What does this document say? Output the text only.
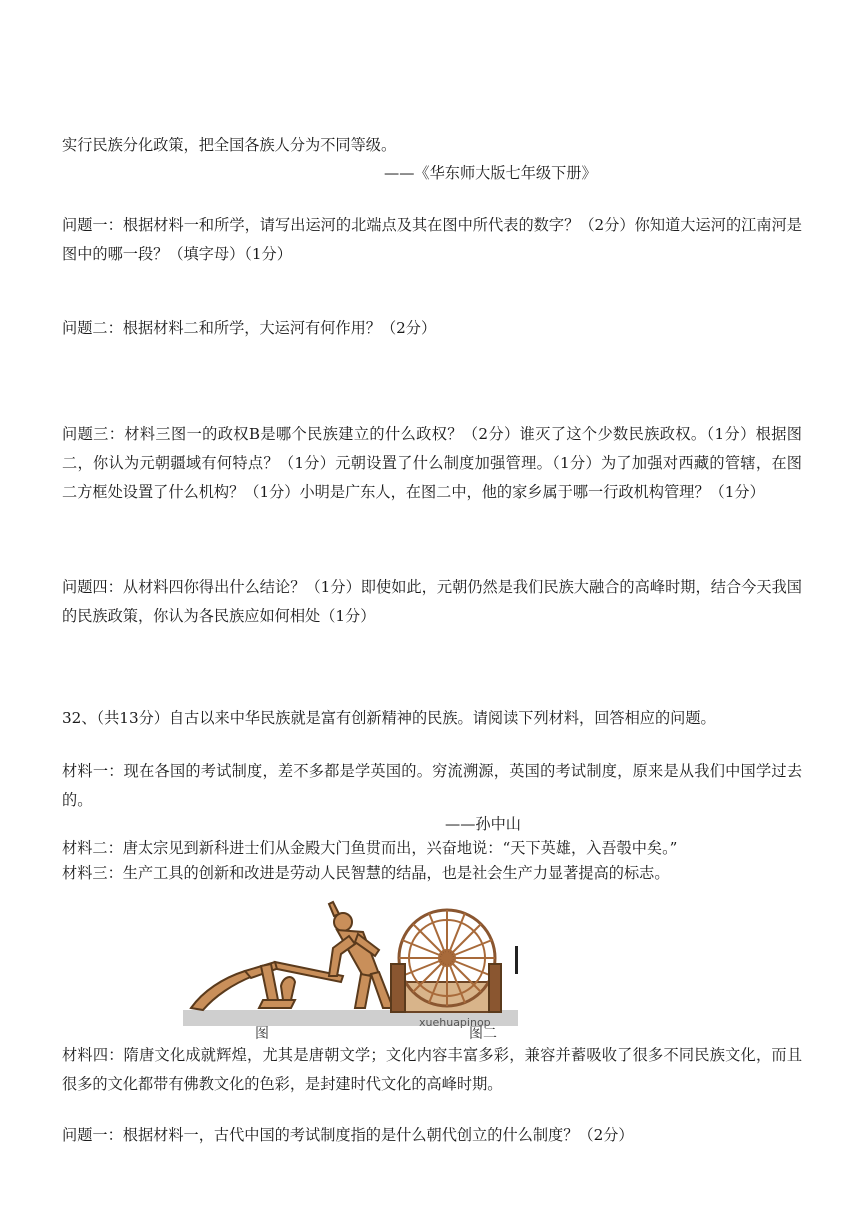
实行民族分化政策，把全国各族人分为不同等级。

——《华东师大版七年级下册》

问题一：根据材料一和所学，请写出运河的北端点及其在图中所代表的数字？（2分）你知道大运河的江南河是图中的哪一段？（填字母）（1分）

问题二：根据材料二和所学，大运河有何作用？（2分）

问题三：材料三图一的政权B是哪个民族建立的什么政权？（2分）谁灭了这个少数民族政权。（1分）根据图二，你认为元朝疆域有何特点？（1分）元朝设置了什么制度加强管理。（1分）为了加强对西藏的管辖，在图二方框处设置了什么机构？（1分）小明是广东人，在图二中，他的家乡属于哪一行政机构管理？（1分）

问题四：从材料四你得出什么结论？（1分）即使如此，元朝仍然是我们民族大融合的高峰时期，结合今天我国的民族政策，你认为各民族应如何相处（1分）

32、（共13分）自古以来中华民族就是富有创新精神的民族。请阅读下列材料，回答相应的问题。

材料一：现在各国的考试制度，差不多都是学英国的。穷流溯源，英国的考试制度，原来是从我们中国学过去的。

——孙中山

材料二：唐太宗见到新科进士们从金殿大门鱼贯而出，兴奋地说：“天下英雄，入吾彀中矣。”

材料三：生产工具的创新和改进是劳动人民智慧的结晶，也是社会生产力显著提高的标志。

xuehuapinop
图	图二

材料四：隋唐文化成就辉煌，尤其是唐朝文学；文化内容丰富多彩，兼容并蓄吸收了很多不同民族文化，而且很多的文化都带有佛教文化的色彩，是封建时代文化的高峰时期。

问题一：根据材料一，古代中国的考试制度指的是什么朝代创立的什么制度？（2分）
